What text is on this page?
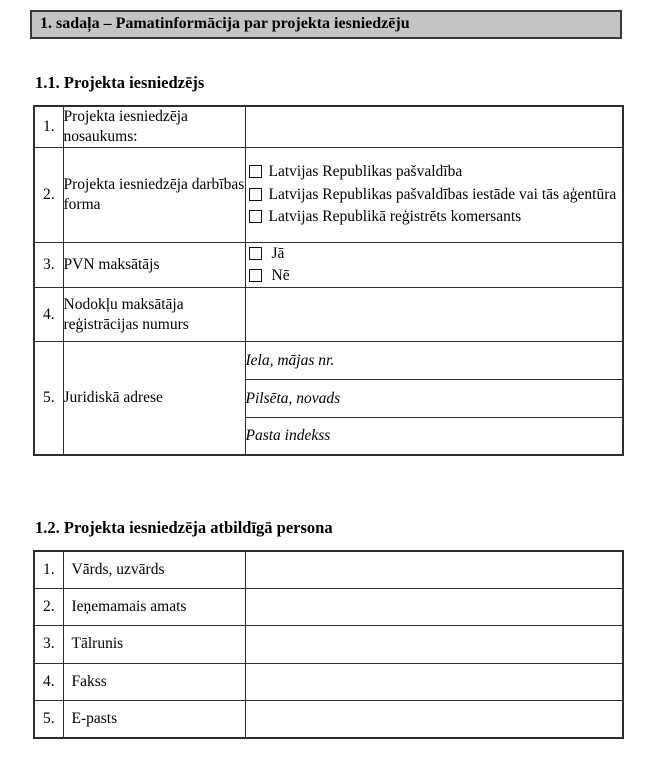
1. sadaļa – Pamatinformācija par projekta iesniedzēju
1.1. Projekta iesniedzējs
1.	Projekta iesniedzēja nosaukums:	
2.	Projekta iesniedzēja darbības forma	Latvijas Republikas pašvaldība
Latvijas Republikas pašvaldības iestāde vai tās aģentūra
Latvijas Republikā reģistrēts komersants

3.	PVN maksātājs	Jā
Nē

4.	Nodokļu maksātāja reģistrācijas numurs	
5.	Juridiskā adrese	Iela, mājas nr.
		Pilsēta, novads
		Pasta indekss
1.2. Projekta iesniedzēja atbildīgā persona
1.	Vārds, uzvārds	
2.	Ieņemamais amats	
3.	Tālrunis	
4.	Fakss	
5.	E-pasts	
